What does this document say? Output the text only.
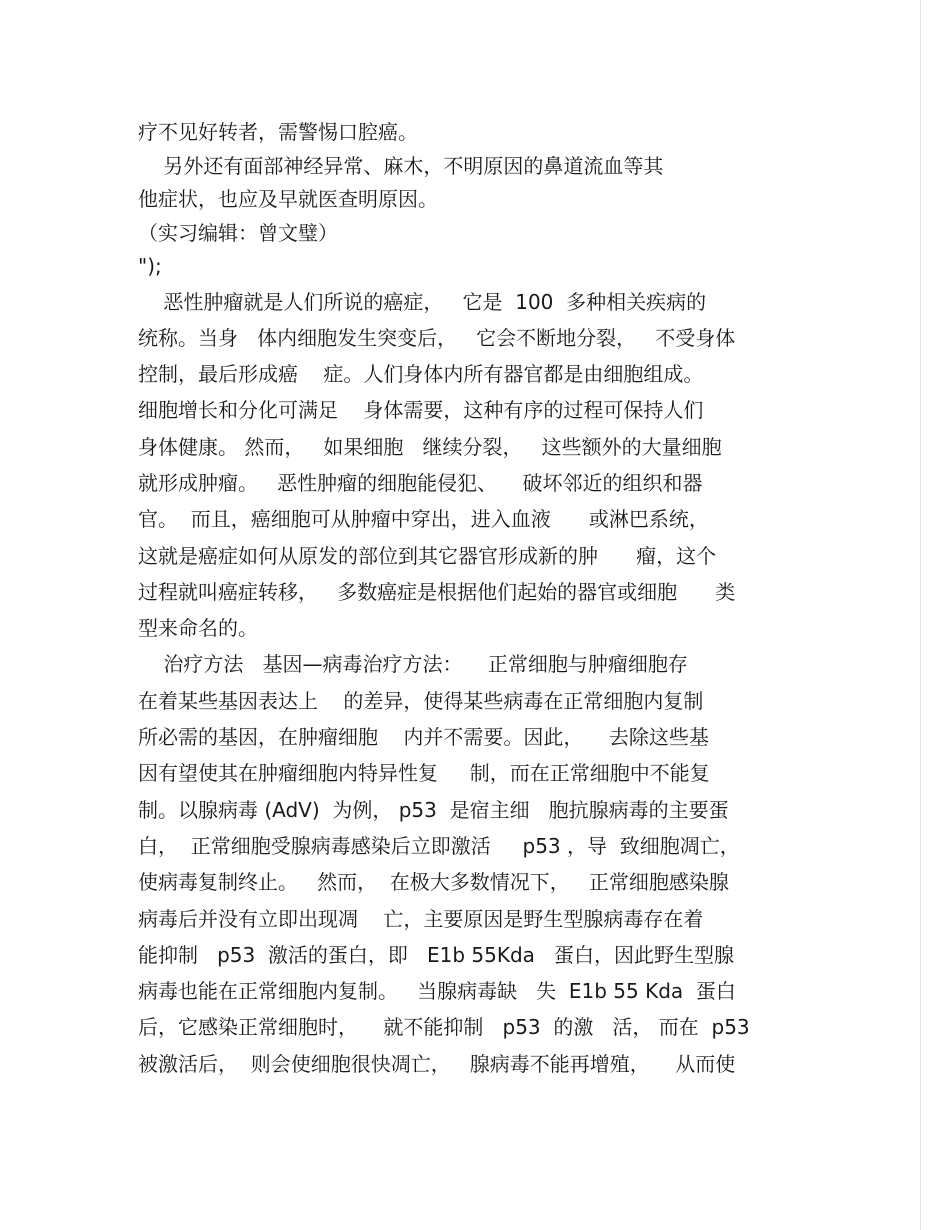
疗不见好转者，需警惕口腔癌。
另外还有面部神经异常、麻木，不明原因的鼻道流血等其
他症状，也应及早就医查明原因。
（实习编辑：曾文璧）
");
恶性肿瘤就是人们所说的癌症，   它是  100  多种相关疾病的
统称。当身   体内细胞发生突变后，   它会不断地分裂，   不受身体
控制，最后形成癌    症。人们身体内所有器官都是由细胞组成。
细胞增长和分化可满足    身体需要，这种有序的过程可保持人们
身体健康。 然而，   如果细胞   继续分裂，   这些额外的大量细胞
就形成肿瘤。   恶性肿瘤的细胞能侵犯、    破坏邻近的组织和器
官。  而且，癌细胞可从肿瘤中穿出，进入血液      或淋巴系统，
这就是癌症如何从原发的部位到其它器官形成新的肿      瘤，这个
过程就叫癌症转移，   多数癌症是根据他们起始的器官或细胞      类
型来命名的。
治疗方法   基因—病毒治疗方法：    正常细胞与肿瘤细胞存
在着某些基因表达上    的差异，使得某些病毒在正常细胞内复制
所必需的基因，在肿瘤细胞    内并不需要。因此，    去除这些基
因有望使其在肿瘤细胞内特异性复     制，而在正常细胞中不能复
制。以腺病毒 (AdV)  为例， p53  是宿主细   胞抗腺病毒的主要蛋
白，  正常细胞受腺病毒感染后立即激活     p53 ，导  致细胞凋亡，
使病毒复制终止。   然而，  在极大多数情况下，   正常细胞感染腺
病毒后并没有立即出现凋    亡，主要原因是野生型腺病毒存在着
能抑制   p53  激活的蛋白，即   E1b 55Kda   蛋白，因此野生型腺
病毒也能在正常细胞内复制。   当腺病毒缺   失  E1b 55 Kda  蛋白
后，它感染正常细胞时，    就不能抑制   p53  的激   活， 而在  p53
被激活后，  则会使细胞很快凋亡，   腺病毒不能再增殖，    从而使
